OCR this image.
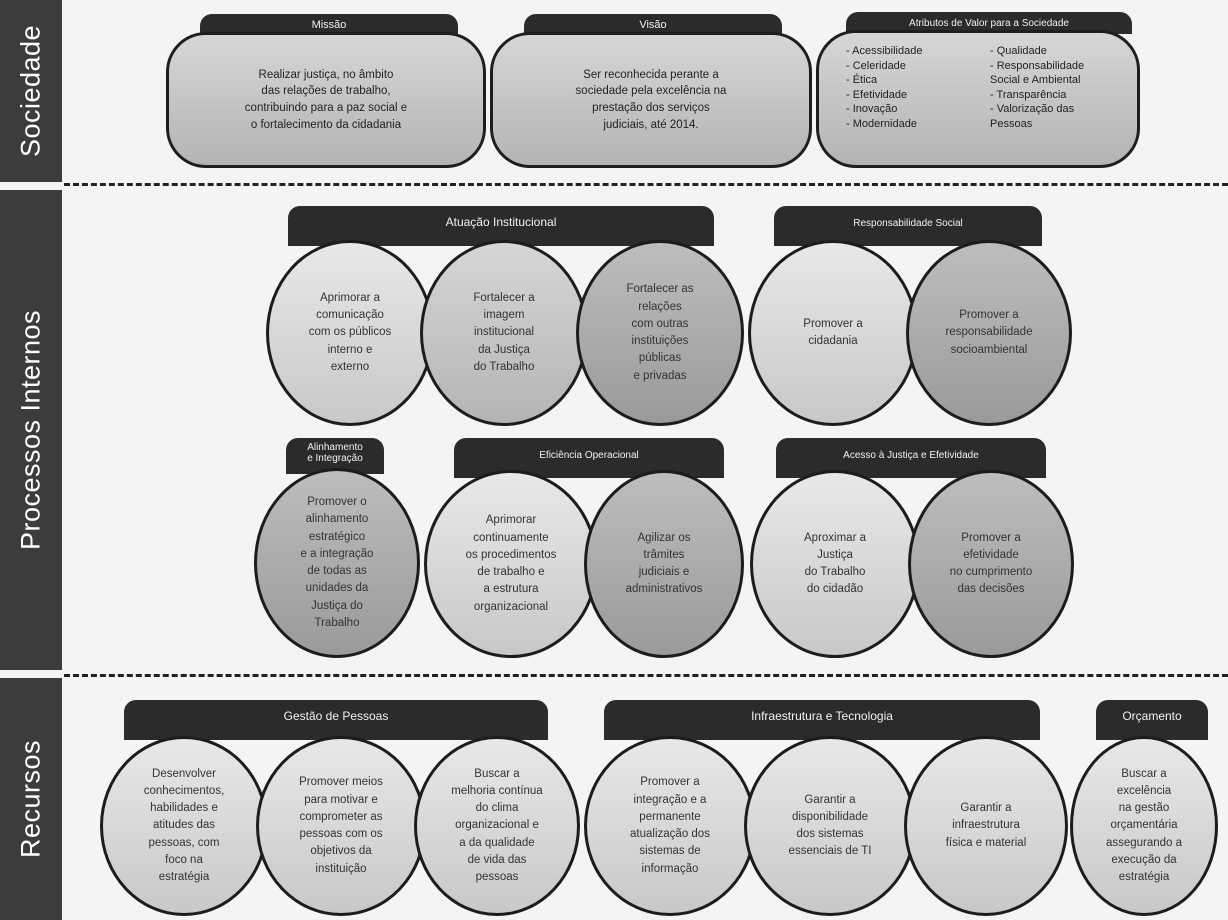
Sociedade
Processos Internos
Recursos
Missão
Realizar justiça, no âmbito
das relações de trabalho,
contribuindo para a paz social e
o fortalecimento da cidadania
Visão
Ser reconhecida perante a
sociedade pela excelência na
prestação dos serviços
judiciais, até 2014.
Atributos de Valor para a Sociedade
- Acessibilidade
- Celeridade
- Ética
- Efetividade
- Inovação
- Modernidade
- Qualidade
- Responsabilidade
Social e Ambiental
- Transparência
- Valorização das
Pessoas
Atuação Institucional
Aprimorar a
comunicação
com os públicos
interno e
externo
Fortalecer a
imagem
institucional
da Justiça
do Trabalho
Fortalecer as
relações
com outras
instituições
públicas
e privadas
Responsabilidade Social
Promover a
cidadania
Promover a
responsabilidade
socioambiental
Alinhamento
e Integração
Promover o
alinhamento
estratégico
e a integração
de todas as
unidades da
Justiça do
Trabalho
Eficiência Operacional
Aprimorar
continuamente
os procedimentos
de trabalho e
a estrutura
organizacional
Agilizar os
trâmites
judiciais e
administrativos
Acesso à Justiça e Efetividade
Aproximar a
Justiça
do Trabalho
do cidadão
Promover a
efetividade
no cumprimento
das decisões
Gestão de Pessoas
Desenvolver
conhecimentos,
habilidades e
atitudes das
pessoas, com
foco na
estratégia
Promover meios
para motivar e
comprometer as
pessoas com os
objetivos da
instituição
Buscar a
melhoria contínua
do clima
organizacional e
a da qualidade
de vida das
pessoas
Infraestrutura e Tecnologia
Promover a
integração e a
permanente
atualização dos
sistemas de
informação
Garantir a
disponibilidade
dos sistemas
essenciais de TI
Garantir a
infraestrutura
física e material
Orçamento
Buscar a
excelência
na gestão
orçamentária
assegurando a
execução da
estratégia
